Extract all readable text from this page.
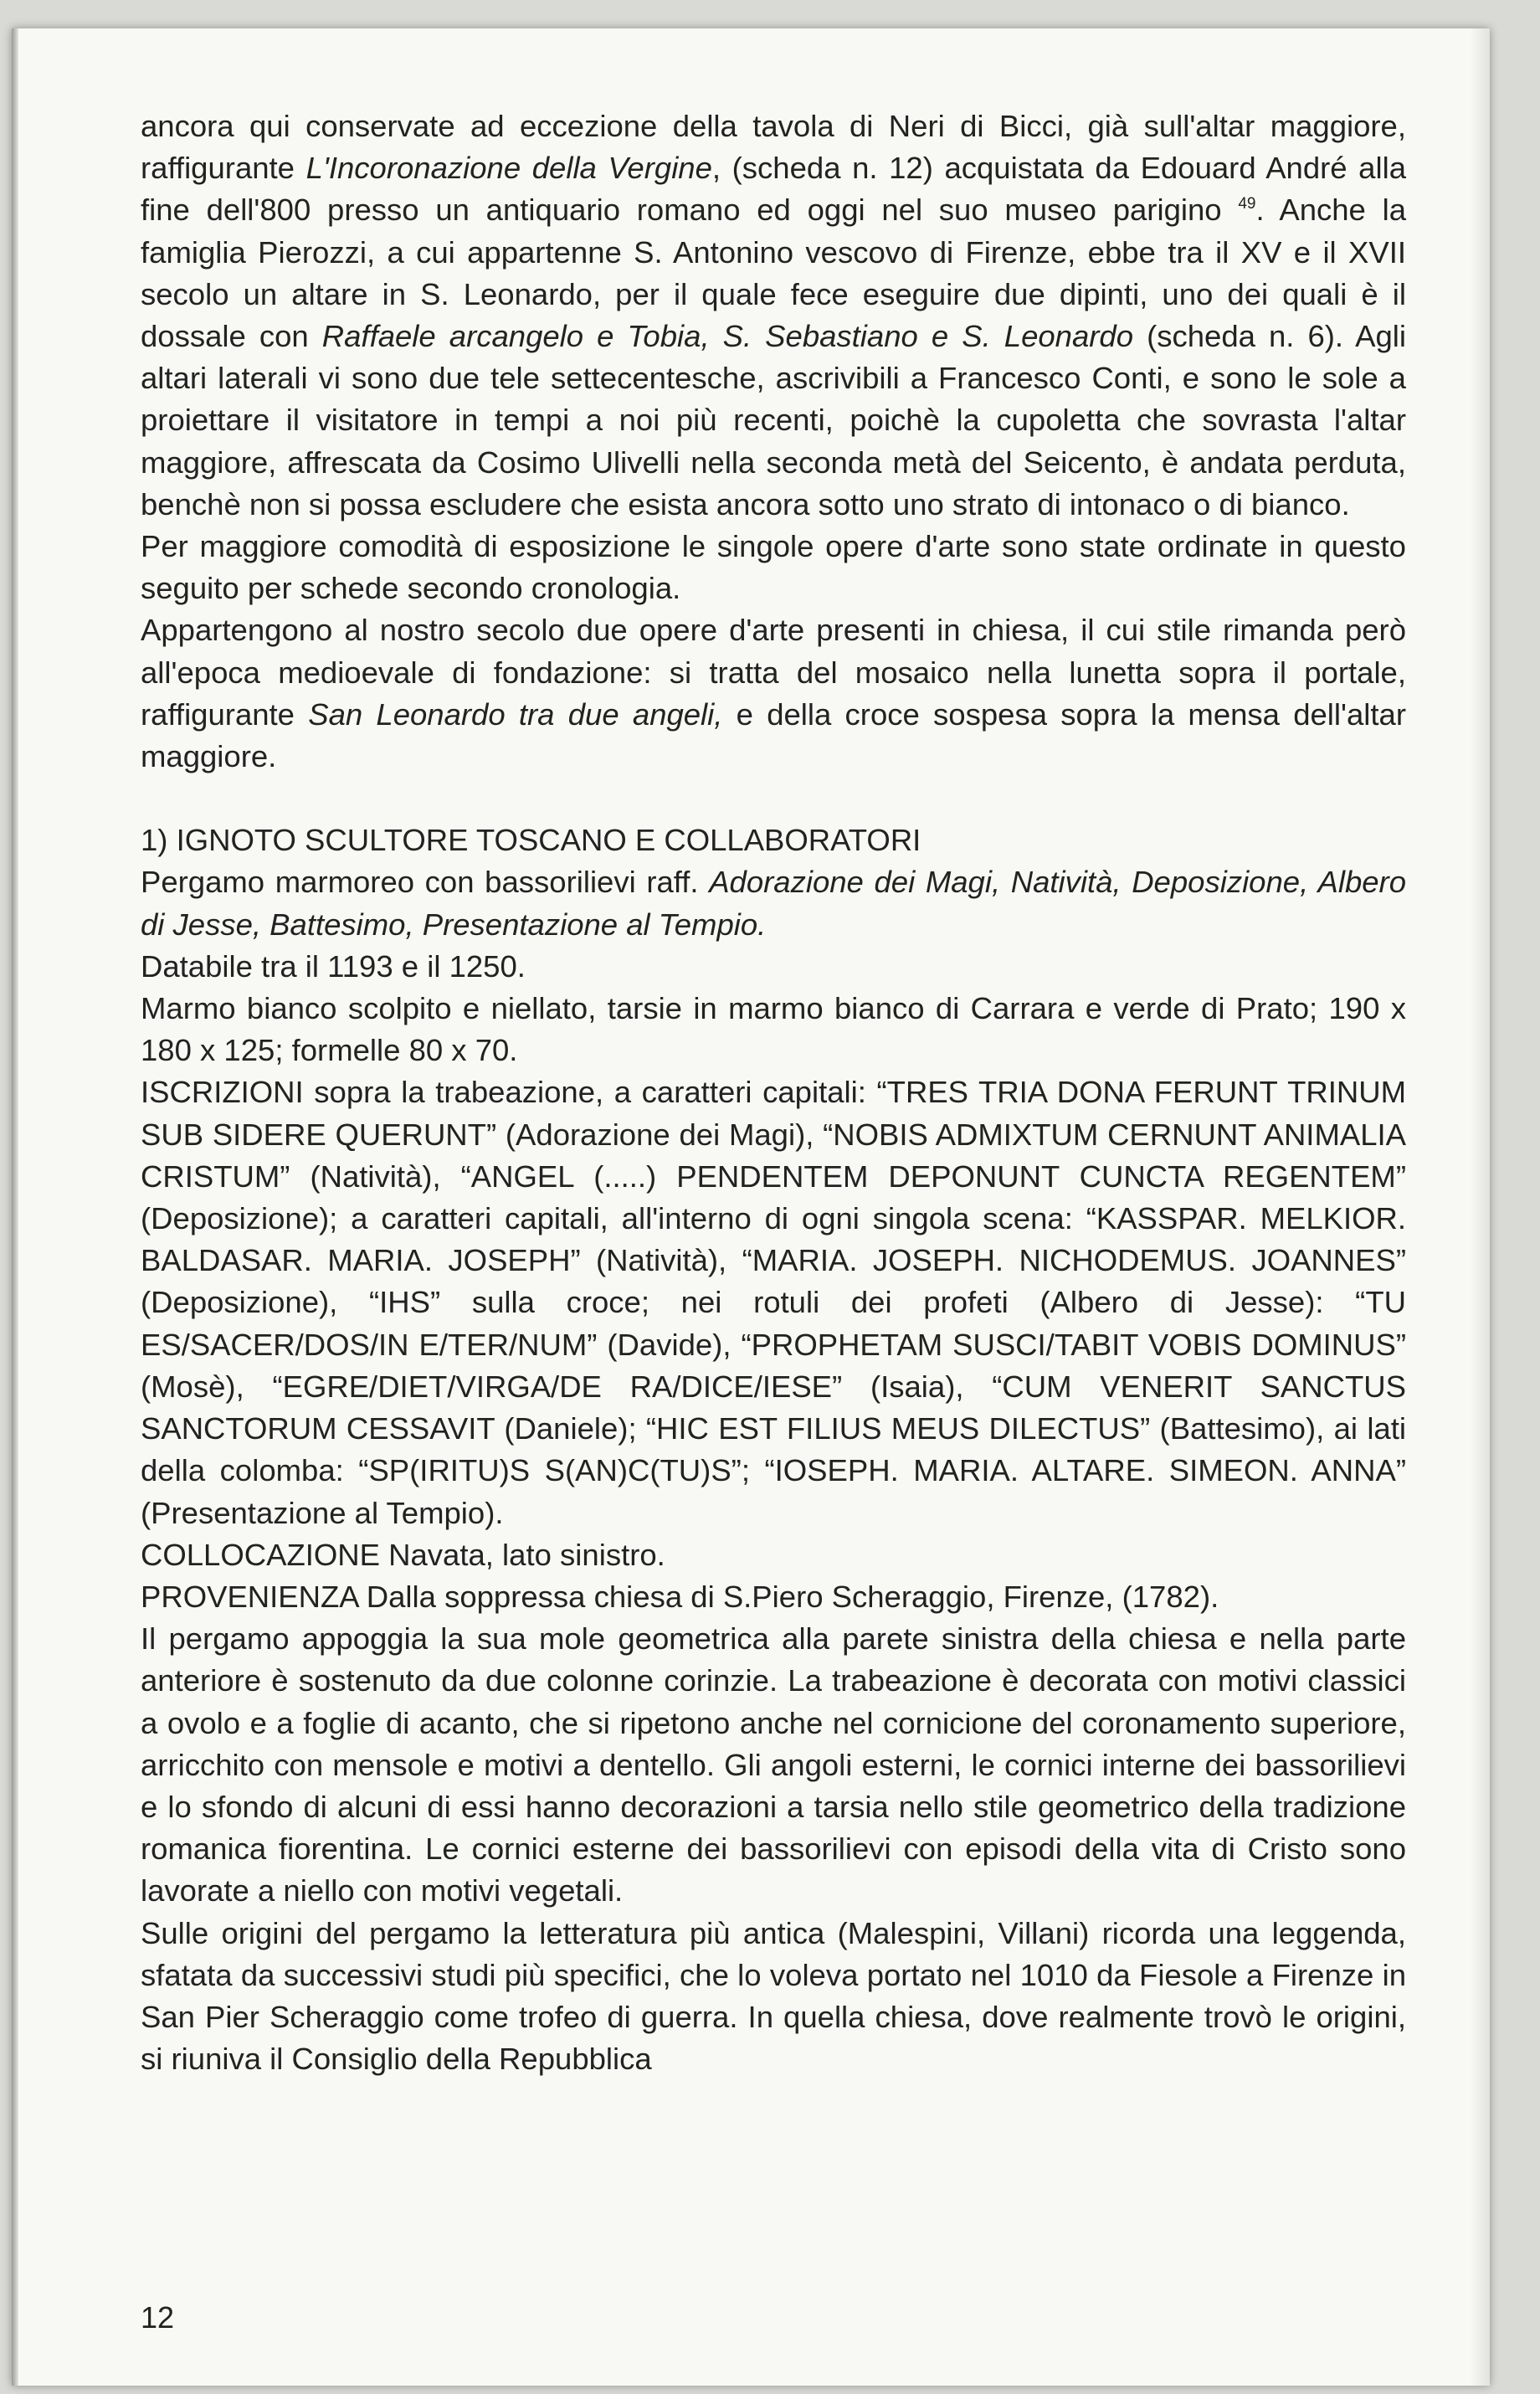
ancora qui conservate ad eccezione della tavola di Neri di Bicci, già sull'altar maggiore, raffigurante L'Incoronazione della Vergine, (scheda n. 12) acquistata da Edouard André alla fine dell'800 presso un antiquario romano ed oggi nel suo museo parigino $^{49}$. Anche la famiglia Pierozzi, a cui appartenne S. Antonino vescovo di Firenze, ebbe tra il XV e il XVII secolo un altare in S. Leonardo, per il quale fece eseguire due dipinti, uno dei quali è il dossale con Raffaele arcangelo e Tobia, S. Sebastiano e S. Leonardo (scheda n. 6). Agli altari laterali vi sono due tele settecentesche, ascrivibili a Francesco Conti, e sono le sole a proiettare il visitatore in tempi a noi più recenti, poichè la cupoletta che sovrasta l'altar maggiore, affrescata da Cosimo Ulivelli nella seconda metà del Seicento, è andata perduta, benchè non si possa escludere che esista ancora sotto uno strato di intonaco o di bianco.

Per maggiore comodità di esposizione le singole opere d'arte sono state ordinate in questo seguito per schede secondo cronologia.

Appartengono al nostro secolo due opere d'arte presenti in chiesa, il cui stile rimanda però all'epoca medioevale di fondazione: si tratta del mosaico nella lunetta sopra il portale, raffigurante San Leonardo tra due angeli, e della croce sospesa sopra la mensa dell'altar maggiore.

1) IGNOTO SCULTORE TOSCANO E COLLABORATORI

Pergamo marmoreo con bassorilievi raff. Adorazione dei Magi, Natività, Deposizione, Albero di Jesse, Battesimo, Presentazione al Tempio.

Databile tra il 1193 e il 1250.

Marmo bianco scolpito e niellato, tarsie in marmo bianco di Carrara e verde di Prato; 190 x 180 x 125; formelle 80 x 70.

ISCRIZIONI sopra la trabeazione, a caratteri capitali: “TRES TRIA DONA FERUNT TRINUM SUB SIDERE QUERUNT” (Adorazione dei Magi), “NOBIS ADMIXTUM CERNUNT ANIMALIA CRISTUM” (Natività), “ANGEL (.....) PENDENTEM DEPONUNT CUNCTA REGENTEM” (Deposizione); a caratteri capitali, all'interno di ogni singola scena: “KASSPAR. MELKIOR. BALDASAR. MARIA. JOSEPH” (Natività), “MARIA. JOSEPH. NICHODEMUS. JOANNES” (Deposizione), “IHS” sulla croce; nei rotuli dei profeti (Albero di Jesse): “TU ES/SACER/DOS/IN E/TER/NUM” (Davide), “PROPHETAM SUSCI/TABIT VOBIS DOMINUS” (Mosè), “EGRE/DIET/VIRGA/DE RA/DICE/IESE” (Isaia), “CUM VENERIT SANCTUS SANCTORUM CESSAVIT (Daniele); “HIC EST FILIUS MEUS DILECTUS” (Battesimo), ai lati della colomba: “SP(IRITU)S S(AN)C(TU)S”; “IOSEPH. MARIA. ALTARE. SIMEON. ANNA” (Presentazione al Tempio).

COLLOCAZIONE Navata, lato sinistro.

PROVENIENZA Dalla soppressa chiesa di S.Piero Scheraggio, Firenze, (1782).

Il pergamo appoggia la sua mole geometrica alla parete sinistra della chiesa e nella parte anteriore è sostenuto da due colonne corinzie. La trabeazione è decorata con motivi classici a ovolo e a foglie di acanto, che si ripetono anche nel cornicione del coronamento superiore, arricchito con mensole e motivi a dentello. Gli angoli esterni, le cornici interne dei bassorilievi e lo sfondo di alcuni di essi hanno decorazioni a tarsia nello stile geometrico della tradizione romanica fiorentina. Le cornici esterne dei bassorilievi con episodi della vita di Cristo sono lavorate a niello con motivi vegetali.

Sulle origini del pergamo la letteratura più antica (Malespini, Villani) ricorda una leggenda, sfatata da successivi studi più specifici, che lo voleva portato nel 1010 da Fiesole a Firenze in San Pier Scheraggio come trofeo di guerra. In quella chiesa, dove realmente trovò le origini, si riuniva il Consiglio della Repubblica

12
